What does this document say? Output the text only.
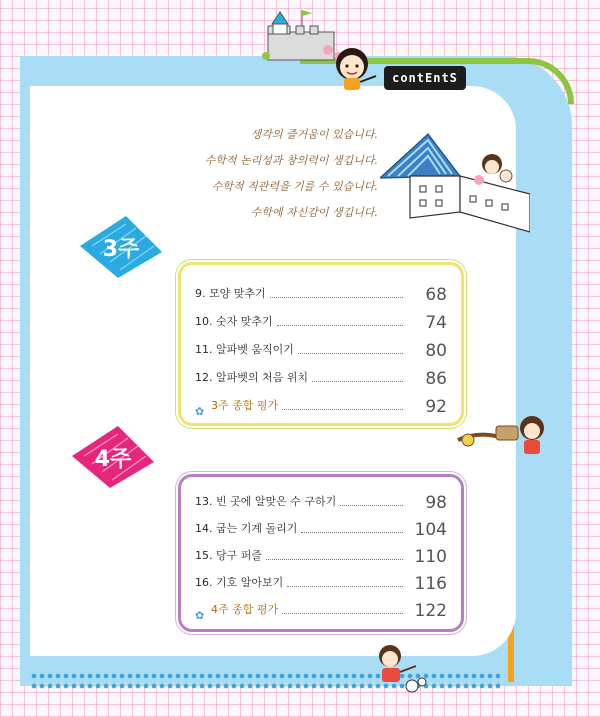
contEntS
생각의 즐거움이 있습니다.
수학적 논리성과 창의력이 생깁니다.
수학적 직관력을 기를 수 있습니다.
수학에 자신감이 생깁니다.
3주
9. 모양 맞추기	68
10. 숫자 맞추기	74
11. 알파벳 움직이기	80
12. 알파벳의 처음 위치	86
✿ 3주 종합 평가	92
4주
13. 빈 곳에 알맞은 수 구하기	98
14. 굽는 기계 돌리기	104
15. 당구 퍼즐	110
16. 기호 알아보기	116
✿ 4주 종합 평가	122
